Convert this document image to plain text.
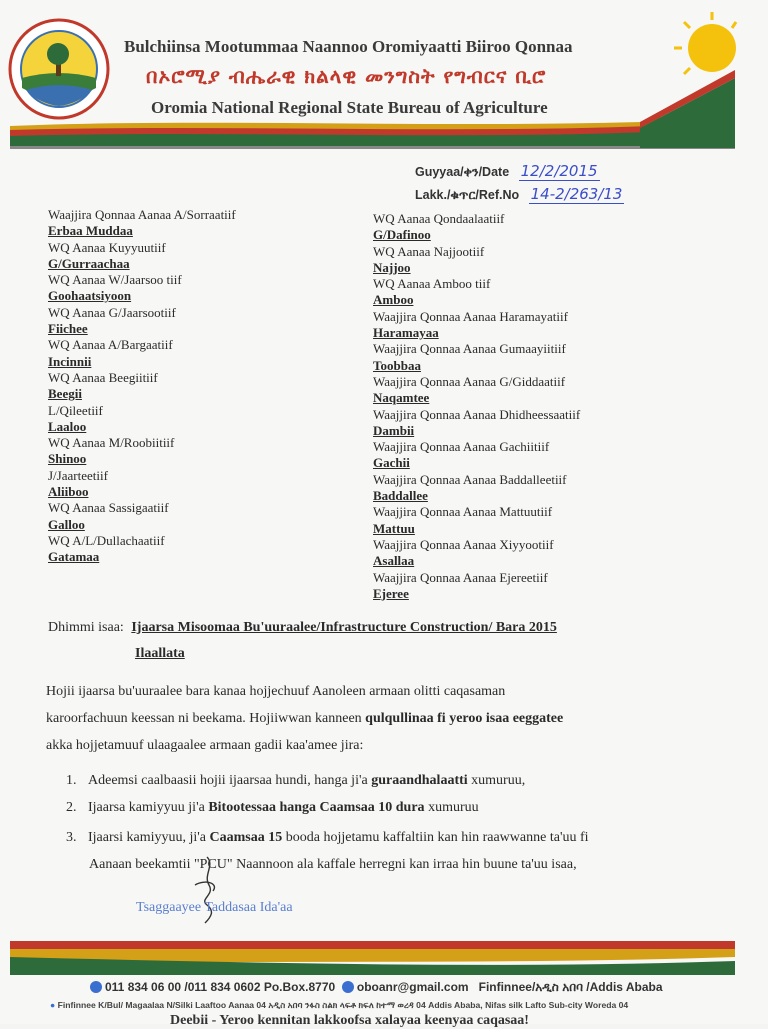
Bulchiinsa Mootummaa Naannoo Oromiyaatti Biiroo Qonnaa
በኦሮሚያ ብሔራዊ ክልላዊ መንግስት የግብርና ቢሮ
Oromia National Regional State Bureau of Agriculture
Guyyaa/ቀን/Date 12/2/2015
Lakk./ቁጥር/Ref.No 14-2/263/13
Waajjira Qonnaa Aanaa A/Sorraatiif
Erbaa Muddaa
WQ Aanaa Kuyyuutiif
G/Gurraachaa
WQ Aanaa W/Jaarsoo tiif
Goohaatsiyoon
WQ Aanaa G/Jaarsootiif
Fiichee
WQ Aanaa A/Bargaatiif
Incinnii
WQ Aanaa Beegiitiif
Beegii
L/Qileetiif
Laaloo
WQ Aanaa M/Roobiitiif
Shinoo
J/Jaarteetiif
Aliiboo
WQ Aanaa Sassigaatiif
Galloo
WQ A/L/Dullachaatiif
Gatamaa
WQ Aanaa Qondaalaatiif
G/Dafinoo
WQ Aanaa Najjootiif
Najjoo
WQ Aanaa Amboo tiif
Amboo
Waajjira Qonnaa Aanaa Haramayatiif
Haramayaa
Waajjira Qonnaa Aanaa Gumaayiitiif
Toobbaa
Waajjira Qonnaa Aanaa G/Giddaatiif
Naqamtee
Waajjira Qonnaa Aanaa Dhidheessaatiif
Dambii
Waajjira Qonnaa Aanaa Gachiitiif
Gachii
Waajjira Qonnaa Aanaa Baddalleetiif
Baddallee
Waajjira Qonnaa Aanaa Mattuutiif
Mattuu
Waajjira Qonnaa Aanaa Xiyyootiif
Asallaa
Waajjira Qonnaa Aanaa Ejereetiif
Ejeree
Dhimmi isaa: Ijaarsa Misoomaa Bu'uuraalee/Infrastructure Construction/ Bara 2015
Ilaallata
Hojii ijaarsa bu'uuraalee bara kanaa hojjechuuf Aanoleen armaan olitti caqasaman
karoorfachuun keessan ni beekama. Hojiiwwan kanneen qulqullinaa fi yeroo isaa eeggatee
akka hojjetamuuf ulaagaalee armaan gadii kaa'amee jira:
1. Adeemsi caalbaasii hojii ijaarsaa hundi, hanga ji'a guraandhalaatti xumuruu,
2. Ijaarsa kamiyyuu ji'a Bitootessaa hanga Caamsaa 10 dura xumuruu
3. Ijaarsi kamiyyuu, ji'a Caamsaa 15 booda hojjetamu kaffaltiin kan hin raawwanne ta'uu fi
Aanaan beekamtii "PCU" Naannoon ala kaffale herregni kan irraa hin buune ta'uu isaa,
Tsaggaayee Taddasaa Ida'aa
011 834 06 00 /011 834 0602 Po.Box.8770 oboanr@gmail.com Finfinnee/አዲስ አበባ /Addis Ababa
● Finfinnee K/Bul/ Magaalaa N/Silki Laaftoo Aanaa 04 አዲስ አበባ ንፋስ ስልክ ላፍቶ ክፍለ ከተማ ወረዳ 04 Addis Ababa, Nifas silk Lafto Sub-city Woreda 04
Deebii - Yeroo kennitan lakkoofsa xalayaa keenyaa caqasaa!
